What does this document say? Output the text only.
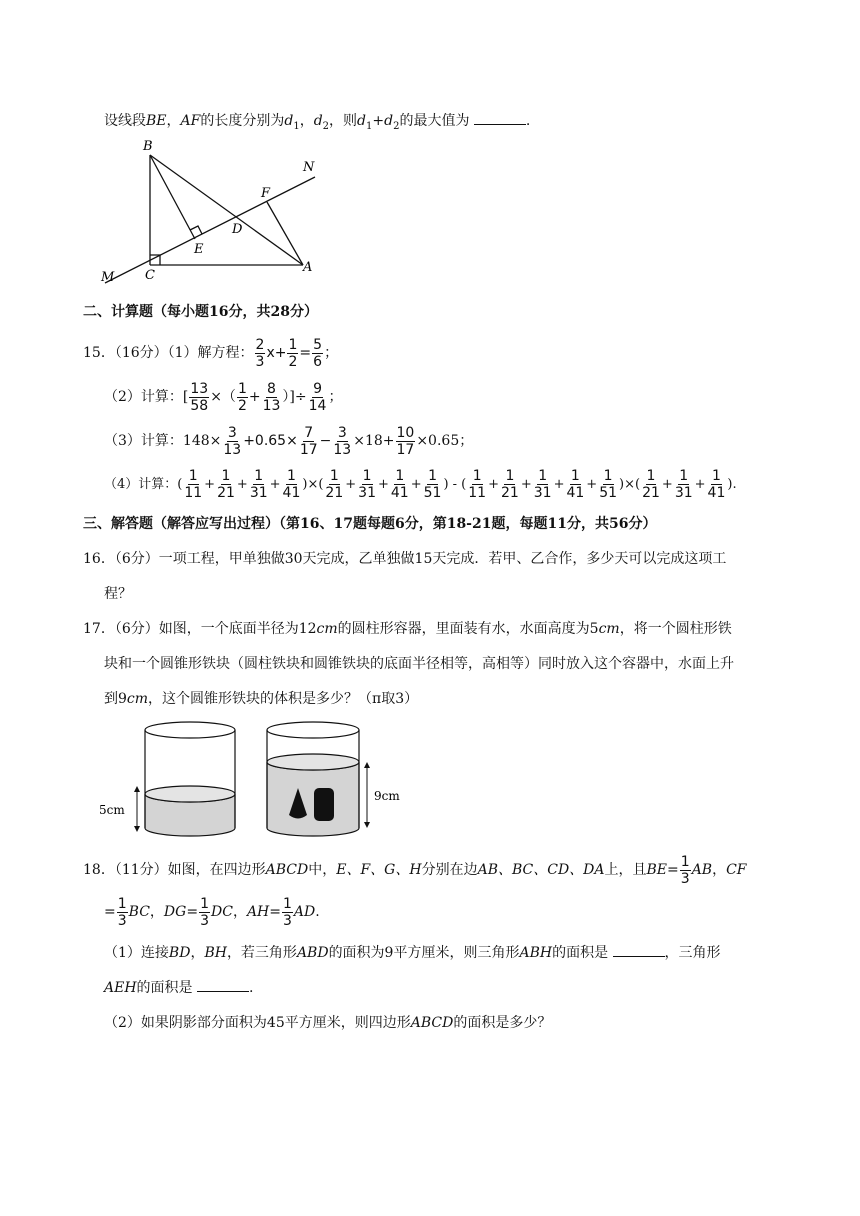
设线段BE，AF的长度分别为$d_1$，$d_2$，则$d_1+d_2$的最大值为	.
B
N
F
D
E
M C
A
二、计算题（每小题16分，共28分）
15．（16分）（1）解方程： $\frac{2}{3} x+ \frac{1}{2} = \frac{5}{6}$ ；
（2）计算：[ $\frac{13}{58}$ ×（ $\frac{1}{2} + \frac{8}{13}$ ）]÷ $\frac{9}{14}$ ；
（3）计算：$148\times \frac{3}{13} +0.65\times \frac{7}{17} - \frac{3}{13} \times 18+ \frac{10}{17} \times 0.65$；
（4）计算：( $\frac{1}{11} + \frac{1}{21} + \frac{1}{31} + \frac{1}{41}$ )×( $\frac{1}{21} + \frac{1}{31} + \frac{1}{41} + \frac{1}{51}$ ) - ( $\frac{1}{11} + \frac{1}{21} + \frac{1}{31} + \frac{1}{41} + \frac{1}{51}$ )×( $\frac{1}{21} + \frac{1}{31} + \frac{1}{41}$ ).
三、解答题（解答应写出过程）（第16、17题每题6分，第18-21题，每题11分，共56分）
16．（6分）一项工程，甲单独做30天完成，乙单独做15天完成．若甲、乙合作，多少天可以完成这项工
程？
17．（6分）如图，一个底面半径为12cm的圆柱形容器，里面装有水，水面高度为5cm，将一个圆柱形铁
块和一个圆锥形铁块（圆柱铁块和圆锥铁块的底面半径相等，高相等）同时放入这个容器中，水面上升
到9cm，这个圆锥形铁块的体积是多少？（π取3）
5cm
9cm
18．（11分）如图，在四边形ABCD中，E、F、G、H分别在边AB、BC、CD、DA上，且$BE= \frac{1}{3}$ AB，CF
= $\frac{1}{3}$ BC，$DG= \frac{1}{3}$ DC，$AH= \frac{1}{3}$ AD.
（1）连接BD，BH，若三角形ABD的面积为9平方厘米，则三角形ABH的面积是	，三角形
AEH的面积是	.
（2）如果阴影部分面积为45平方厘米，则四边形ABCD的面积是多少？
